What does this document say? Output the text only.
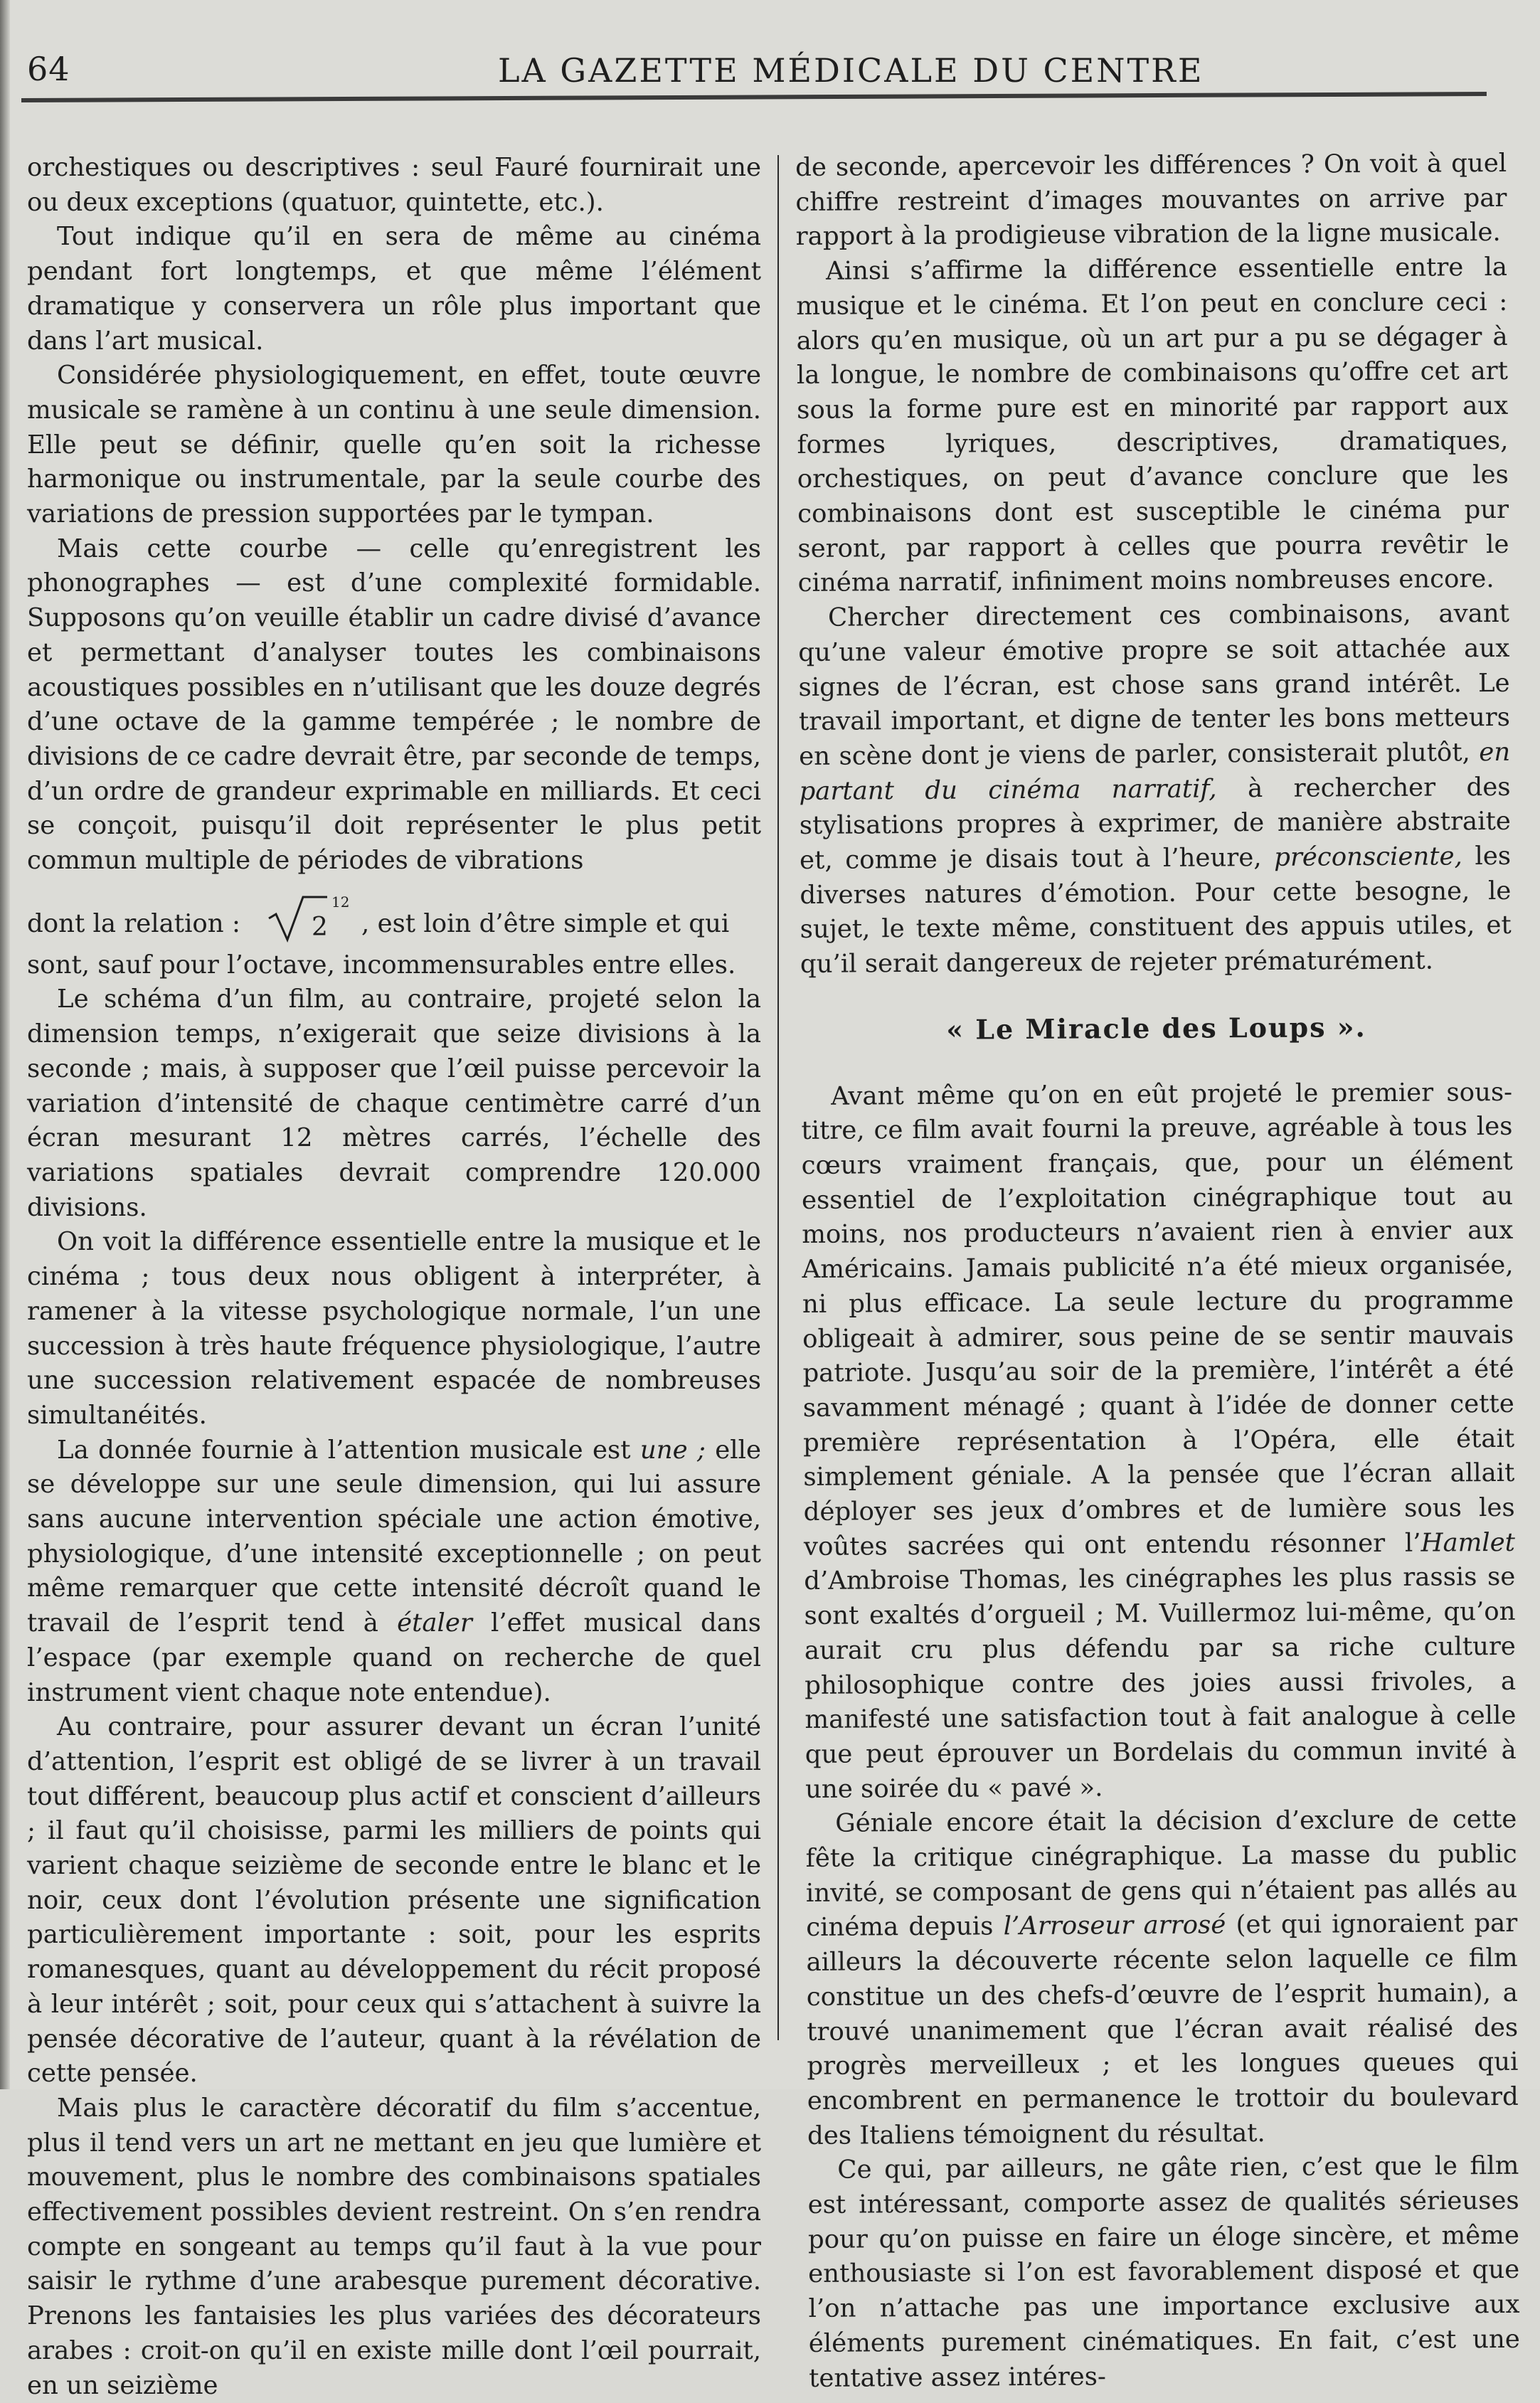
64	LA GAZETTE MÉDICALE DU CENTRE

orchestiques ou descriptives : seul Fauré fournirait une ou deux exceptions (quatuor, quintette, etc.).

Tout indique qu’il en sera de même au cinéma pendant fort longtemps, et que même l’élément dramatique y conservera un rôle plus important que dans l’art musical.

Considérée physiologiquement, en effet, toute œuvre musicale se ramène à un continu à une seule dimension. Elle peut se définir, quelle qu’en soit la richesse harmonique ou instrumentale, par la seule courbe des variations de pression supportées par le tympan.

Mais cette courbe — celle qu’enregistrent les phonographes — est d’une complexité formidable. Supposons qu’on veuille établir un cadre divisé d’avance et permettant d’analyser toutes les combinaisons acoustiques possibles en n’utilisant que les douze degrés d’une octave de la gamme tempérée ; le nombre de divisions de ce cadre devrait être, par seconde de temps, d’un ordre de grandeur exprimable en milliards. Et ceci se conçoit, puisqu’il doit représenter le plus petit commun multiple de périodes de vibrations

dont la relation :	2
12
, est loin d’être simple et qui

sont, sauf pour l’octave, incommensurables entre elles.

Le schéma d’un film, au contraire, projeté selon la dimension temps, n’exigerait que seize divisions à la seconde ; mais, à supposer que l’œil puisse percevoir la variation d’intensité de chaque centimètre carré d’un écran mesurant 12 mètres carrés, l’échelle des variations spatiales devrait comprendre 120.000 divisions.

On voit la différence essentielle entre la musique et le cinéma ; tous deux nous obligent à interpréter, à ramener à la vitesse psychologique normale, l’un une succession à très haute fréquence physiologique, l’autre une succession relativement espacée de nombreuses simultanéités.

La donnée fournie à l’attention musicale est une ; elle se développe sur une seule dimension, qui lui assure sans aucune intervention spéciale une action émotive, physiologique, d’une intensité exceptionnelle ; on peut même remarquer que cette intensité décroît quand le travail de l’esprit tend à étaler l’effet musical dans l’espace (par exemple quand on recherche de quel instrument vient chaque note entendue).

Au contraire, pour assurer devant un écran l’unité d’attention, l’esprit est obligé de se livrer à un travail tout différent, beaucoup plus actif et conscient d’ailleurs ; il faut qu’il choisisse, parmi les milliers de points qui varient chaque seizième de seconde entre le blanc et le noir, ceux dont l’évolution présente une signification particulièrement importante : soit, pour les esprits romanesques, quant au développement du récit proposé à leur intérêt ; soit, pour ceux qui s’attachent à suivre la pensée décorative de l’auteur, quant à la révélation de cette pensée.

Mais plus le caractère décoratif du film s’accentue, plus il tend vers un art ne mettant en jeu que lumière et mouvement, plus le nombre des combinaisons spatiales effectivement possibles devient restreint. On s’en rendra compte en songeant au temps qu’il faut à la vue pour saisir le rythme d’une arabesque purement décorative. Prenons les fantaisies les plus variées des décorateurs arabes : croit-on qu’il en existe mille dont l’œil pourrait, en un seizième

de seconde, apercevoir les différences ? On voit à quel chiffre restreint d’images mouvantes on arrive par rapport à la prodigieuse vibration de la ligne musicale.

Ainsi s’affirme la différence essentielle entre la musique et le cinéma. Et l’on peut en conclure ceci : alors qu’en musique, où un art pur a pu se dégager à la longue, le nombre de combinaisons qu’offre cet art sous la forme pure est en minorité par rapport aux formes lyriques, descriptives, dramatiques, orchestiques, on peut d’avance conclure que les combinaisons dont est susceptible le cinéma pur seront, par rapport à celles que pourra revêtir le cinéma narratif, infiniment moins nombreuses encore.

Chercher directement ces combinaisons, avant qu’une valeur émotive propre se soit attachée aux signes de l’écran, est chose sans grand intérêt. Le travail important, et digne de tenter les bons metteurs en scène dont je viens de parler, consisterait plutôt, en partant du cinéma narratif, à rechercher des stylisations propres à exprimer, de manière abstraite et, comme je disais tout à l’heure, préconsciente, les diverses natures d’émotion. Pour cette besogne, le sujet, le texte même, constituent des appuis utiles, et qu’il serait dangereux de rejeter prématurément.

« Le Miracle des Loups ».

Avant même qu’on en eût projeté le premier sous-titre, ce film avait fourni la preuve, agréable à tous les cœurs vraiment français, que, pour un élément essentiel de l’exploitation cinégraphique tout au moins, nos producteurs n’avaient rien à envier aux Américains. Jamais publicité n’a été mieux organisée, ni plus efficace. La seule lecture du programme obligeait à admirer, sous peine de se sentir mauvais patriote. Jusqu’au soir de la première, l’intérêt a été savamment ménagé ; quant à l’idée de donner cette première représentation à l’Opéra, elle était simplement géniale. A la pensée que l’écran allait déployer ses jeux d’ombres et de lumière sous les voûtes sacrées qui ont entendu résonner l’Hamlet d’Ambroise Thomas, les cinégraphes les plus rassis se sont exaltés d’orgueil ; M. Vuillermoz lui-même, qu’on aurait cru plus défendu par sa riche culture philosophique contre des joies aussi frivoles, a manifesté une satisfaction tout à fait analogue à celle que peut éprouver un Bordelais du commun invité à une soirée du « pavé ».

Géniale encore était la décision d’exclure de cette fête la critique cinégraphique. La masse du public invité, se composant de gens qui n’étaient pas allés au cinéma depuis l’Arroseur arrosé (et qui ignoraient par ailleurs la découverte récente selon laquelle ce film constitue un des chefs-d’œuvre de l’esprit humain), a trouvé unanimement que l’écran avait réalisé des progrès merveilleux ; et les longues queues qui encombrent en permanence le trottoir du boulevard des Italiens témoignent du résultat.

Ce qui, par ailleurs, ne gâte rien, c’est que le film est intéressant, comporte assez de qualités sérieuses pour qu’on puisse en faire un éloge sincère, et même enthousiaste si l’on est favorablement disposé et que l’on n’attache pas une importance exclusive aux éléments purement cinématiques. En fait, c’est une tentative assez intéres-
